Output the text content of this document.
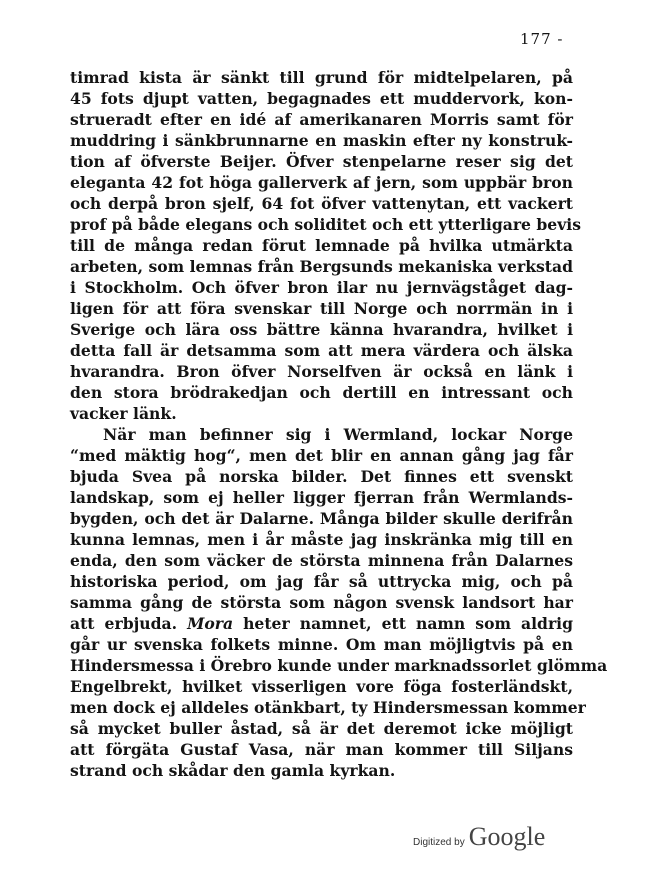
177 -
timrad kista är sänkt till grund för midtelpelaren, på
45 fots djupt vatten, begagnades ett muddervork, kon-
strueradt efter en idé af amerikanaren Morris samt för
muddring i sänkbrunnarne en maskin efter ny konstruk-
tion af öfverste Beijer. Öfver stenpelarne reser sig det
eleganta 42 fot höga gallerverk af jern, som uppbär bron
och derpå bron sjelf, 64 fot öfver vattenytan, ett vackert
prof på både elegans och soliditet och ett ytterligare bevis
till de många redan förut lemnade på hvilka utmärkta
arbeten, som lemnas från Bergsunds mekaniska verkstad
i Stockholm. Och öfver bron ilar nu jernvägståget dag-
ligen för att föra svenskar till Norge och norrmän in i
Sverige och lära oss bättre känna hvarandra, hvilket i
detta fall är detsamma som att mera värdera och älska
hvarandra. Bron öfver Norselfven är också en länk i
den stora brödrakedjan och dertill en intressant och
vacker länk.
När man befinner sig i Wermland, lockar Norge
“med mäktig hog“, men det blir en annan gång jag får
bjuda Svea på norska bilder. Det finnes ett svenskt
landskap, som ej heller ligger fjerran från Wermlands-
bygden, och det är Dalarne. Många bilder skulle derifrån
kunna lemnas, men i år måste jag inskränka mig till en
enda, den som väcker de största minnena från Dalarnes
historiska period, om jag får så uttrycka mig, och på
samma gång de största som någon svensk landsort har
att erbjuda. Mora heter namnet, ett namn som aldrig
går ur svenska folkets minne. Om man möjligtvis på en
Hindersmessa i Örebro kunde under marknadssorlet glömma
Engelbrekt, hvilket visserligen vore föga fosterländskt,
men dock ej alldeles otänkbart, ty Hindersmessan kommer
så mycket buller åstad, så är det deremot icke möjligt
att förgäta Gustaf Vasa, när man kommer till Siljans
strand och skådar den gamla kyrkan.
Digitized by Google
